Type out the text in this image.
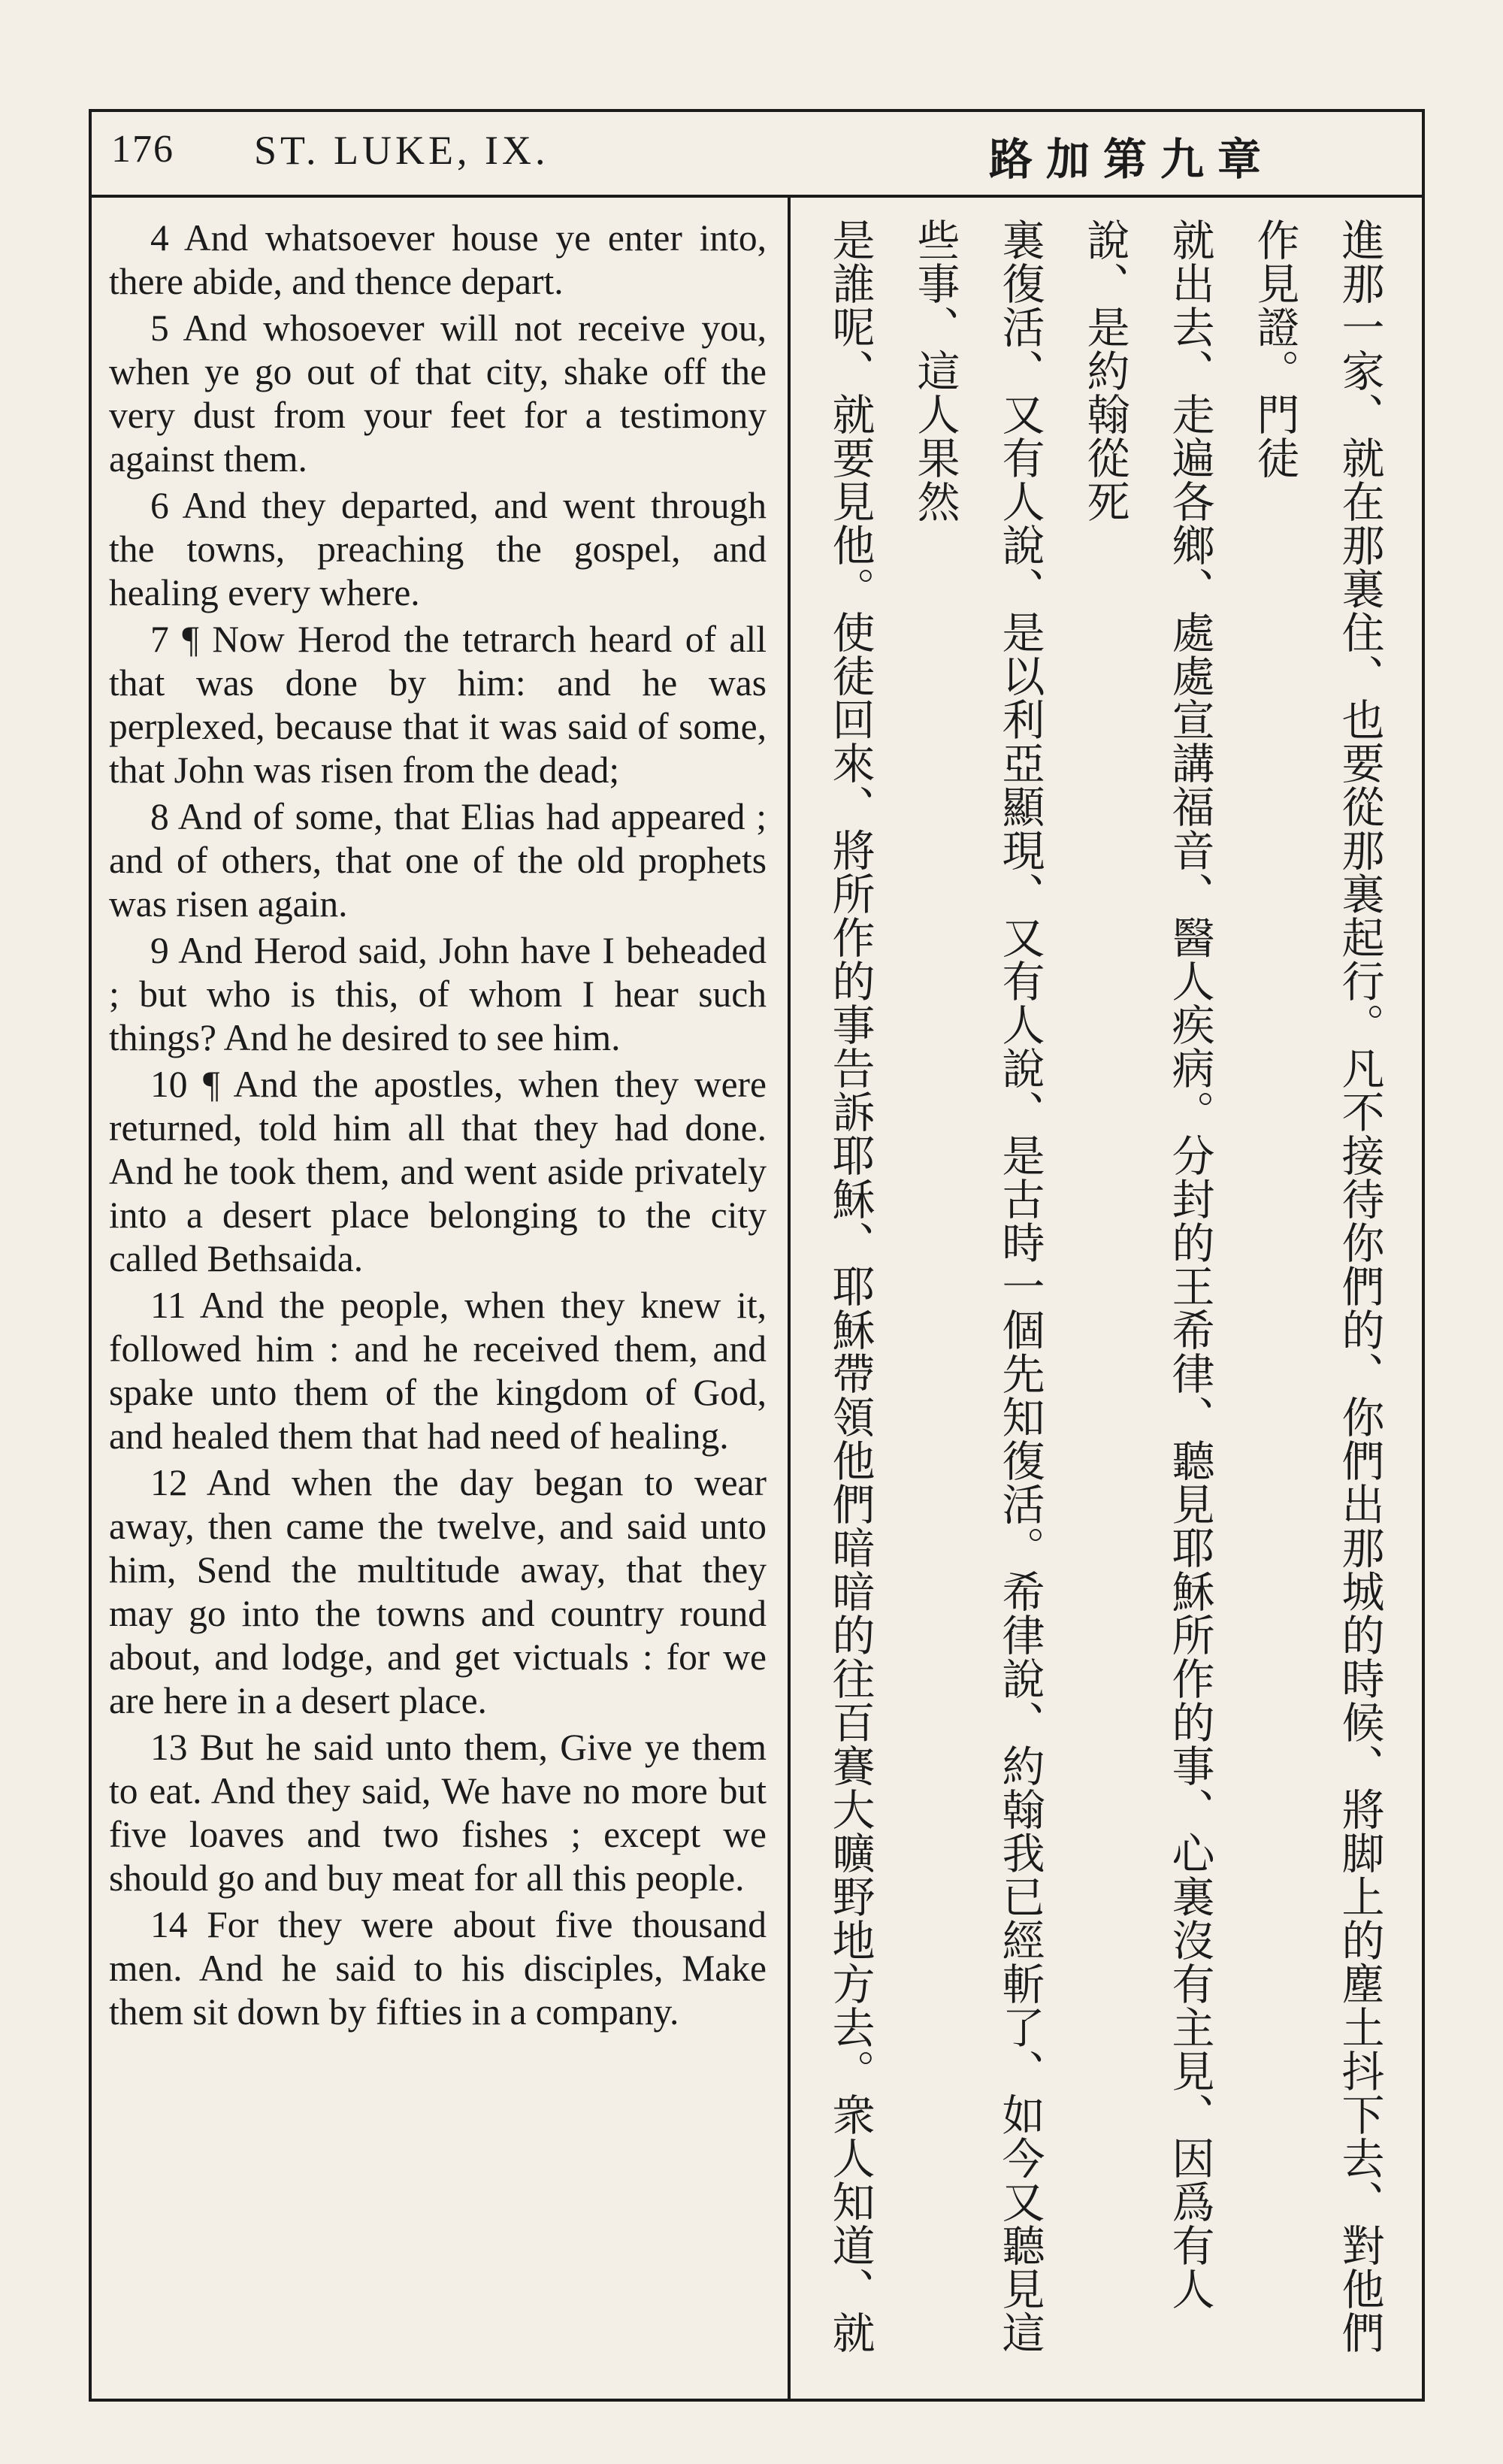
176 ST. LUKE, IX.	路加第九章

4 And whatsoever house ye enter into, there abide, and thence depart.

5 And whosoever will not receive you, when ye go out of that city, shake off the very dust from your feet for a testimony against them.

6 And they departed, and went through the towns, preaching the gospel, and healing every where.

7 ¶ Now Herod the tetrarch heard of all that was done by him: and he was perplexed, because that it was said of some, that John was risen from the dead;

8 And of some, that Elias had appeared ; and of others, that one of the old prophets was risen again.

9 And Herod said, John have I beheaded ; but who is this, of whom I hear such things? And he desired to see him.

10 ¶ And the apostles, when they were returned, told him all that they had done. And he took them, and went aside privately into a desert place belonging to the city called Bethsaida.

11 And the people, when they knew it, followed him : and he received them, and spake unto them of the kingdom of God, and healed them that had need of healing.

12 And when the day began to wear away, then came the twelve, and said unto him, Send the multitude away, that they may go into the towns and country round about, and lodge, and get victuals : for we are here in a desert place.

13 But he said unto them, Give ye them to eat. And they said, We have no more but five loaves and two fishes ; except we should go and buy meat for all this people.

14 For they were about five thousand men. And he said to his disciples, Make them sit down by fifties in a company.	進那一家、就在那裏住、也要從那裏起行。凡不接待你們的、你們出那城的時候、將脚上的塵土抖下去、對他們作見證。門徒

就出去、走遍各鄉、處處宣講福音、醫人疾病。分封的王希律、聽見耶穌所作的事、心裏沒有主見、因爲有人說、是約翰從死

裏復活、又有人說、是以利亞顯現、又有人說、是古時一個先知復活。希律說、約翰我已經斬了、如今又聽見這些事、這人果然

是誰呢、就要見他。使徒回來、將所作的事告訴耶穌、耶穌帶領他們暗暗的往百賽大曠野地方去。衆人知道、就
